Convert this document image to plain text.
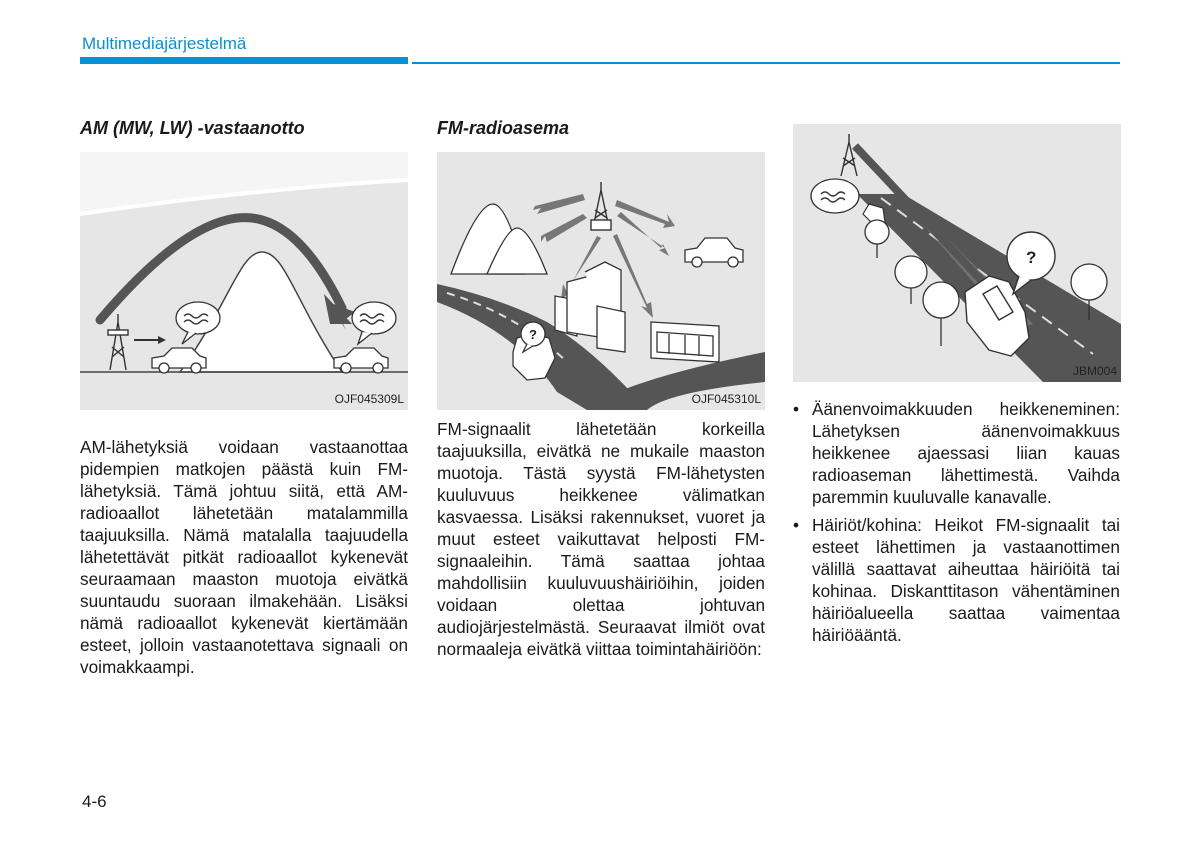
Multimediajärjestelmä
AM (MW, LW) -vastaanotto
OJF045309L

AM-lähetyksiä voidaan vastaanottaa pidempien matkojen päästä kuin FM-lähetyksiä. Tämä johtuu siitä, että AM-radioaallot lähetetään matalammilla taajuuksilla. Nämä matalalla taajuudella lähetettävät pitkät radioaallot kykenevät seuraamaan maaston muotoja eivätkä suuntaudu suoraan ilmakehään. Lisäksi nämä radioaallot kykenevät kiertämään esteet, jolloin vastaanotettava signaali on voimakkaampi.

FM-radioasema
?
OJF045310L

FM-signaalit lähetetään korkeilla taajuuksilla, eivätkä ne mukaile maaston muotoja. Tästä syystä FM-lähetysten kuuluvuus heikkenee välimatkan kasvaessa. Lisäksi rakennukset, vuoret ja muut esteet vaikuttavat helposti FM-signaaleihin. Tämä saattaa johtaa mahdollisiin kuuluvuushäiriöihin, joiden voidaan olettaa johtuvan audiojärjestelmästä. Seuraavat ilmiöt ovat normaaleja eivätkä viittaa toimintahäiriöön:

?
JBM004
• Äänenvoimakkuuden heikkeneminen: Lähetyksen äänenvoimakkuus heikkenee ajaessasi liian kauas radioaseman lähettimestä. Vaihda paremmin kuuluvalle kanavalle.
• Häiriöt/kohina: Heikot FM-signaalit tai esteet lähettimen ja vastaanottimen välillä saattavat aiheuttaa häiriöitä tai kohinaa. Diskanttitason vähentäminen häiriöalueella saattaa vaimentaa häiriöääntä.
4-6
